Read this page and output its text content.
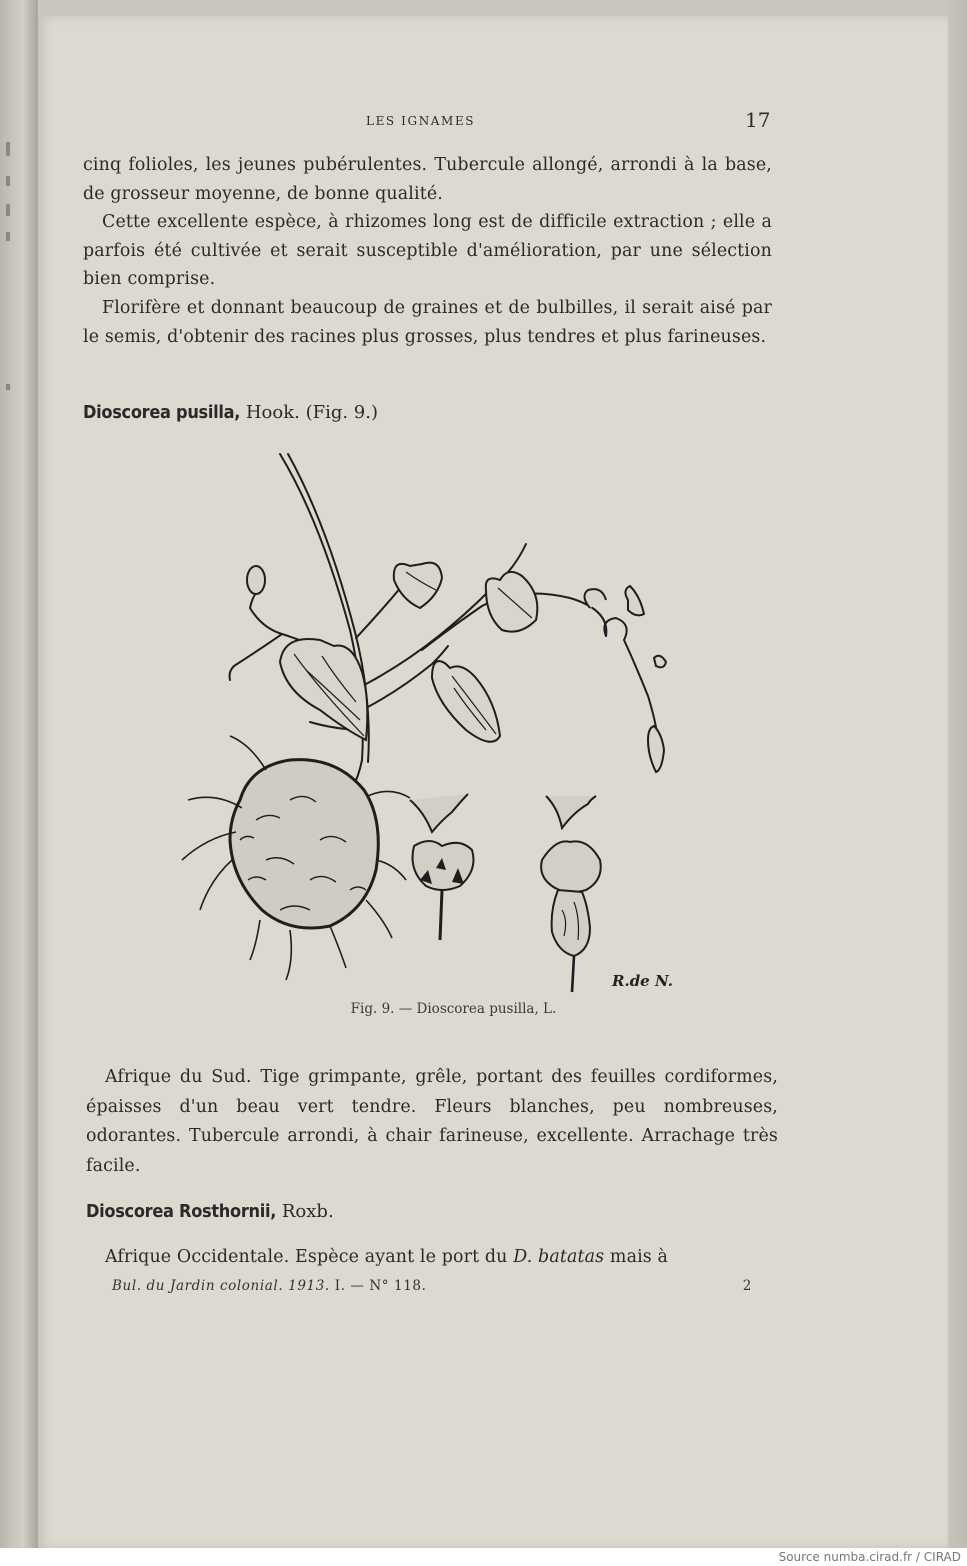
LES IGNAMES	17
cinq folioles, les jeunes pubérulentes. Tubercule allongé, arrondi à la base, de grosseur moyenne, de bonne qualité.
Cette excellente espèce, à rhizomes long est de difficile extraction ; elle a parfois été cultivée et serait susceptible d'amélioration, par une sélection bien comprise.
Florifère et donnant beaucoup de graines et de bulbilles, il serait aisé par le semis, d'obtenir des racines plus grosses, plus tendres et plus farineuses.
Dioscorea pusilla, Hook. (Fig. 9.)
R.de N.
Fig. 9. — Dioscorea pusilla, L.
Afrique du Sud. Tige grimpante, grêle, portant des feuilles cordiformes, épaisses d'un beau vert tendre. Fleurs blanches, peu nombreuses, odorantes. Tubercule arrondi, à chair farineuse, excellente. Arrachage très facile.
Dioscorea Rosthornii, Roxb.
Afrique Occidentale. Espèce ayant le port du D. batatas mais à
Bul. du Jardin colonial. 1913. I. — N° 118.	2
Source numba.cirad.fr / CIRAD
